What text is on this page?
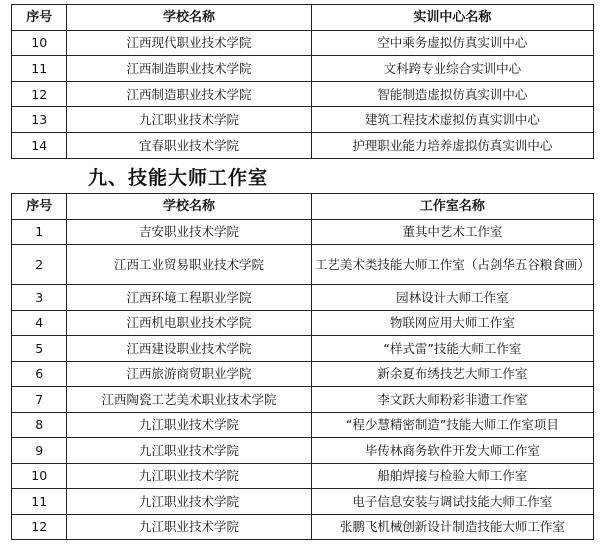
序号	学校名称	实训中心名称
10	江西现代职业技术学院	空中乘务虚拟仿真实训中心
11	江西制造职业技术学院	文科跨专业综合实训中心
12	江西制造职业技术学院	智能制造虚拟仿真实训中心
13	九江职业技术学院	建筑工程技术虚拟仿真实训中心
14	宜春职业技术学院	护理职业能力培养虚拟仿真实训中心
九、技能大师工作室
序号	学校名称	工作室名称
1	吉安职业技术学院	董其中艺术工作室
2	江西工业贸易职业技术学院	工艺美术类技能大师工作室（占剑华五谷粮食画）
3	江西环境工程职业学院	园林设计大师工作室
4	江西机电职业技术学院	物联网应用大师工作室
5	江西建设职业技术学院	“样式雷”技能大师工作室
6	江西旅游商贸职业学院	新余夏布绣技艺大师工作室
7	江西陶瓷工艺美术职业技术学院	李文跃大师粉彩非遗工作室
8	九江职业技术学院	“程少慧精密制造”技能大师工作室项目
9	九江职业技术学院	毕传林商务软件开发大师工作室
10	九江职业技术学院	船舶焊接与检验大师工作室
11	九江职业技术学院	电子信息安装与调试技能大师工作室
12	九江职业技术学院	张鹏飞机械创新设计制造技能大师工作室
